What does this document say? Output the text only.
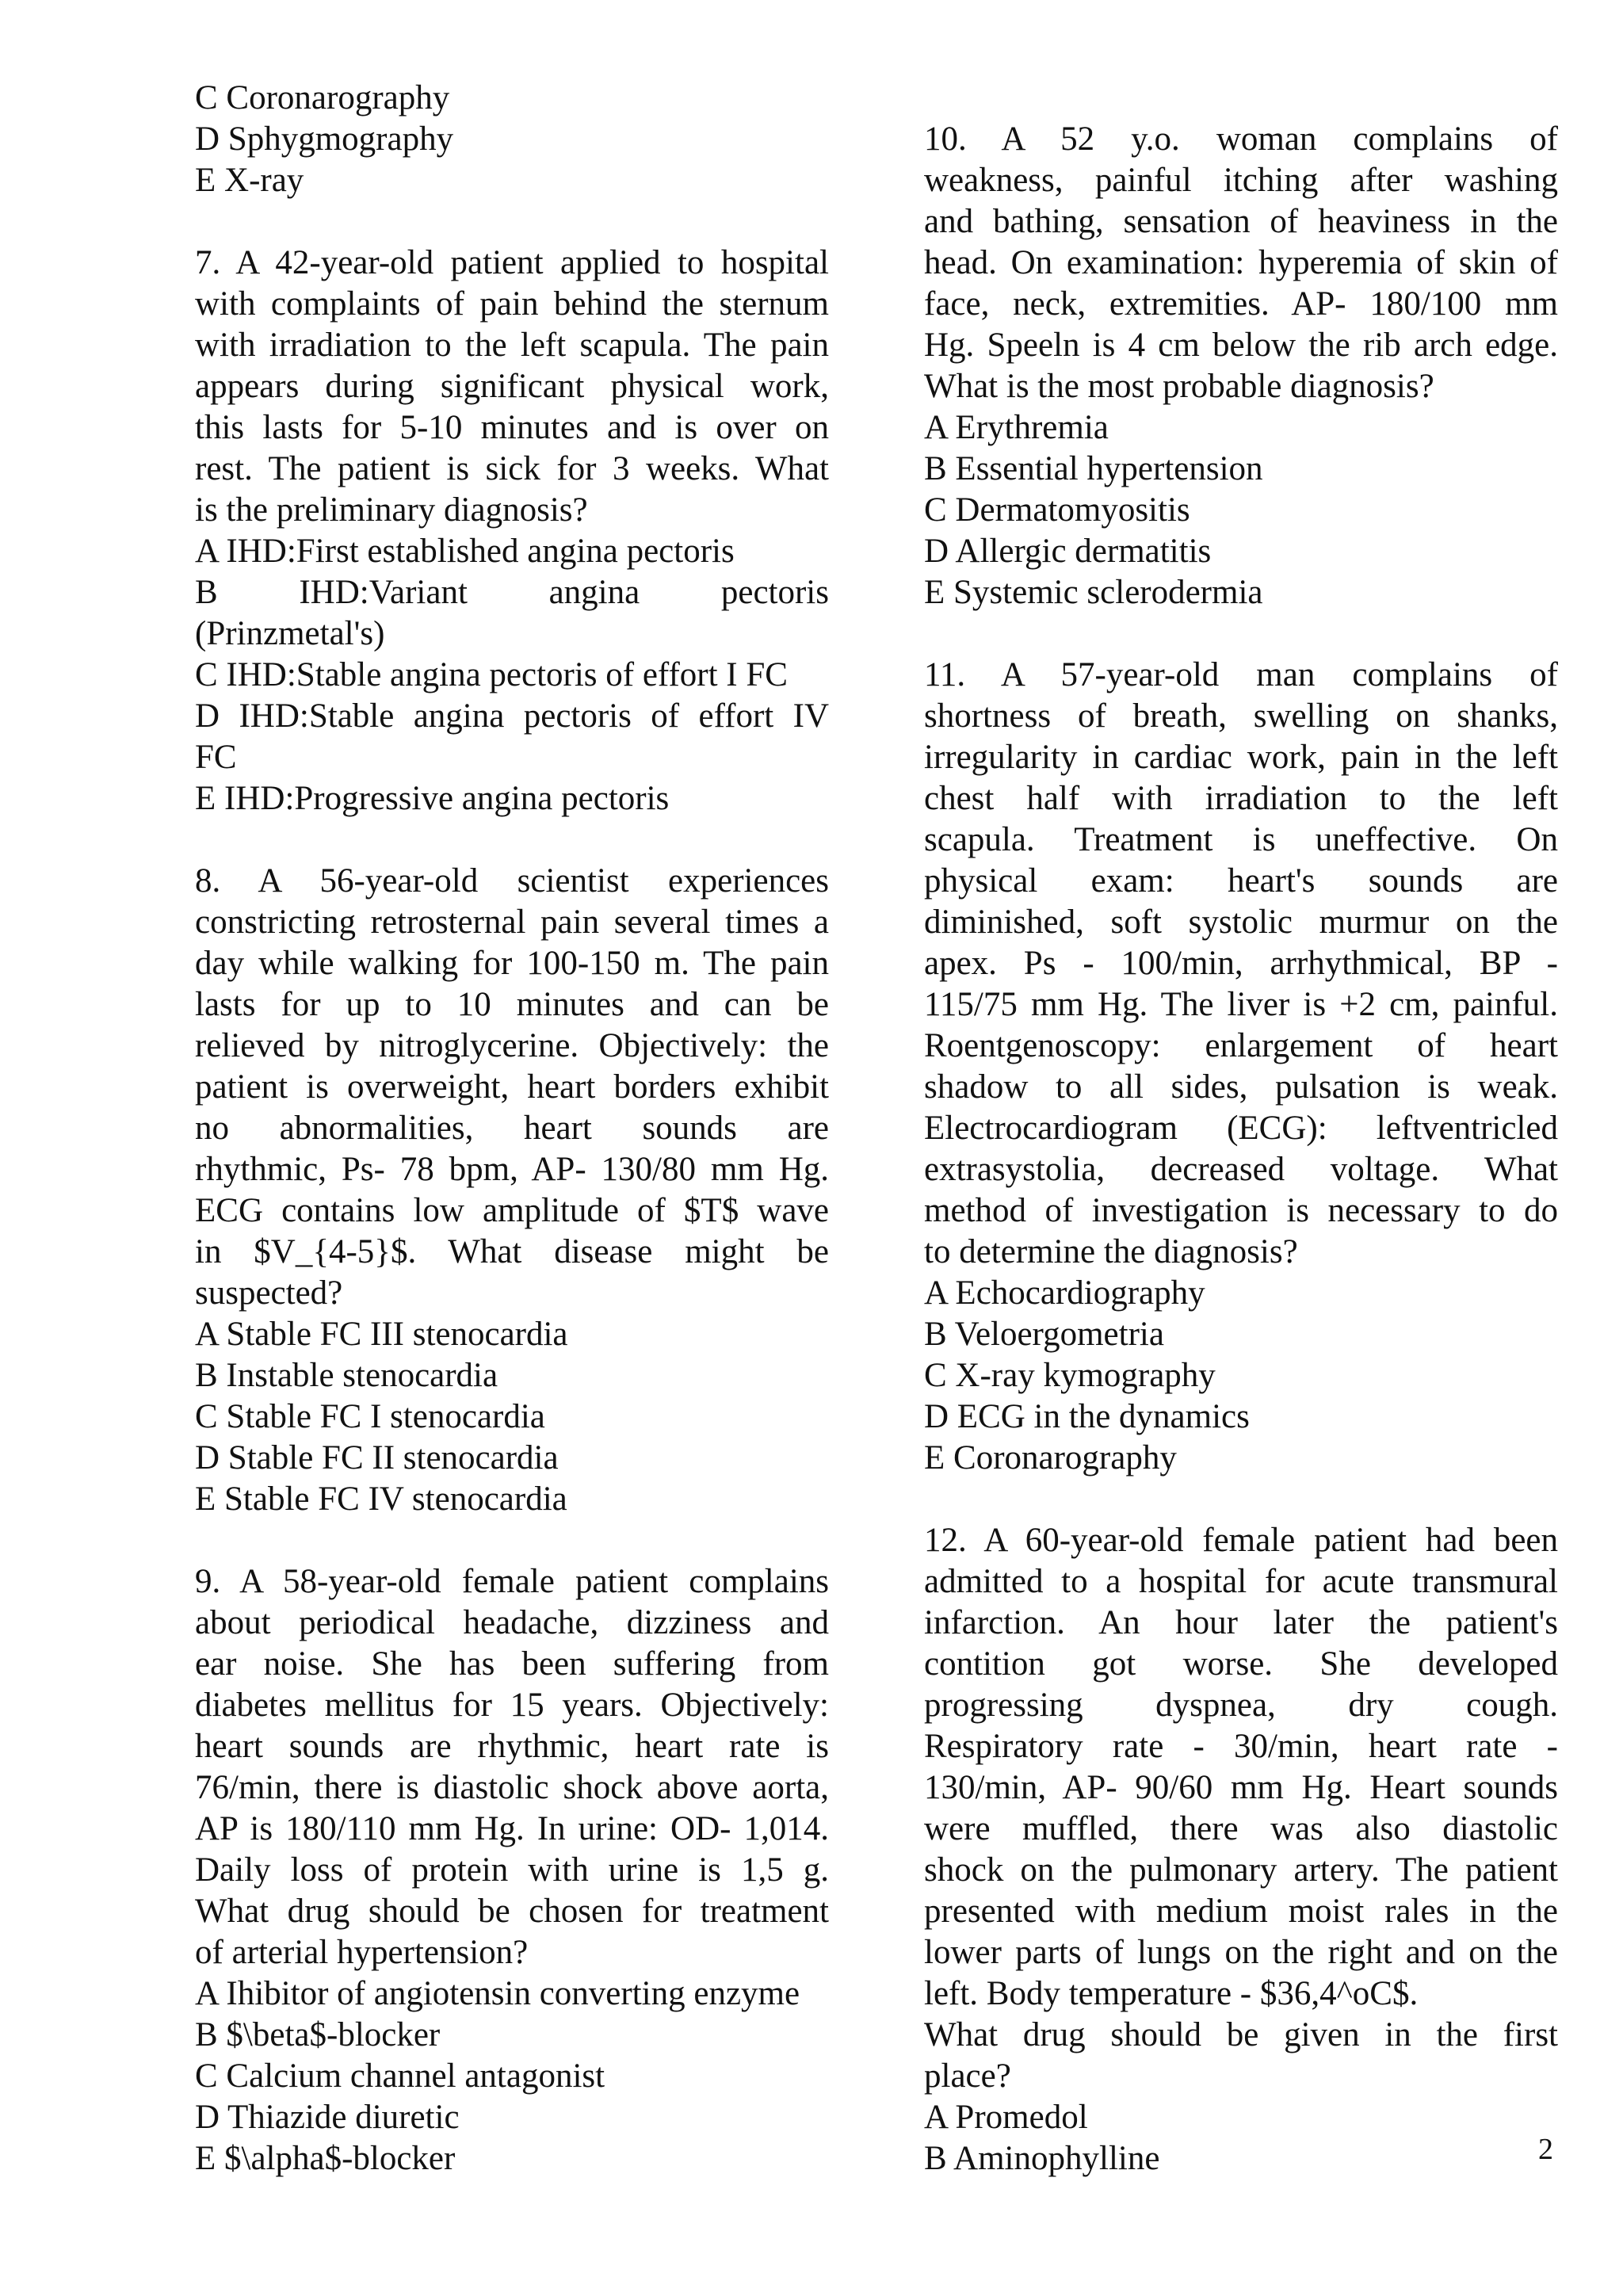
C Coronarography
D Sphygmography
E X-ray
7. A 42-year-old patient applied to hospital
with complaints of pain behind the sternum
with irradiation to the left scapula. The pain
appears during significant physical work,
this lasts for 5-10 minutes and is over on
rest. The patient is sick for 3 weeks. What
is the preliminary diagnosis?
A IHD:First established angina pectoris
B IHD:Variant angina pectoris
(Prinzmetal's)
C IHD:Stable angina pectoris of effort I FC
D IHD:Stable angina pectoris of effort IV
FC
E IHD:Progressive angina pectoris
8. A 56-year-old scientist experiences
constricting retrosternal pain several times a
day while walking for 100-150 m. The pain
lasts for up to 10 minutes and can be
relieved by nitroglycerine. Objectively: the
patient is overweight, heart borders exhibit
no abnormalities, heart sounds are
rhythmic, Ps- 78 bpm, AP- 130/80 mm Hg.
ECG contains low amplitude of $T$ wave
in $V_{4-5}$. What disease might be
suspected?
A Stable FC III stenocardia
B Instable stenocardia
C Stable FC I stenocardia
D Stable FC II stenocardia
E Stable FC IV stenocardia
9. A 58-year-old female patient complains
about periodical headache, dizziness and
ear noise. She has been suffering from
diabetes mellitus for 15 years. Objectively:
heart sounds are rhythmic, heart rate is
76/min, there is diastolic shock above aorta,
AP is 180/110 mm Hg. In urine: OD- 1,014.
Daily loss of protein with urine is 1,5 g.
What drug should be chosen for treatment
of arterial hypertension?
A Ihibitor of angiotensin converting enzyme
B $\beta$-blocker
C Calcium channel antagonist
D Thiazide diuretic
E $\alpha$-blocker
10. A 52 y.o. woman complains of
weakness, painful itching after washing
and bathing, sensation of heaviness in the
head. On examination: hyperemia of skin of
face, neck, extremities. AP- 180/100 mm
Hg. Speeln is 4 cm below the rib arch edge.
What is the most probable diagnosis?
A Erythremia
B Essential hypertension
C Dermatomyositis
D Allergic dermatitis
E Systemic sclerodermia
11. A 57-year-old man complains of
shortness of breath, swelling on shanks,
irregularity in cardiac work, pain in the left
chest half with irradiation to the left
scapula. Treatment is uneffective. On
physical exam: heart's sounds are
diminished, soft systolic murmur on the
apex. Ps - 100/min, arrhythmical, BP -
115/75 mm Hg. The liver is +2 cm, painful.
Roentgenoscopy: enlargement of heart
shadow to all sides, pulsation is weak.
Electrocardiogram (ECG): leftventricled
extrasystolia, decreased voltage. What
method of investigation is necessary to do
to determine the diagnosis?
A Echocardiography
B Veloergometria
C X-ray kymography
D ECG in the dynamics
E Coronarography
12. A 60-year-old female patient had been
admitted to a hospital for acute transmural
infarction. An hour later the patient's
contition got worse. She developed
progressing dyspnea, dry cough.
Respiratory rate - 30/min, heart rate -
130/min, AP- 90/60 mm Hg. Heart sounds
were muffled, there was also diastolic
shock on the pulmonary artery. The patient
presented with medium moist rales in the
lower parts of lungs on the right and on the
left. Body temperature - $36,4^oC$.
What drug should be given in the first
place?
A Promedol
B Aminophylline	2
